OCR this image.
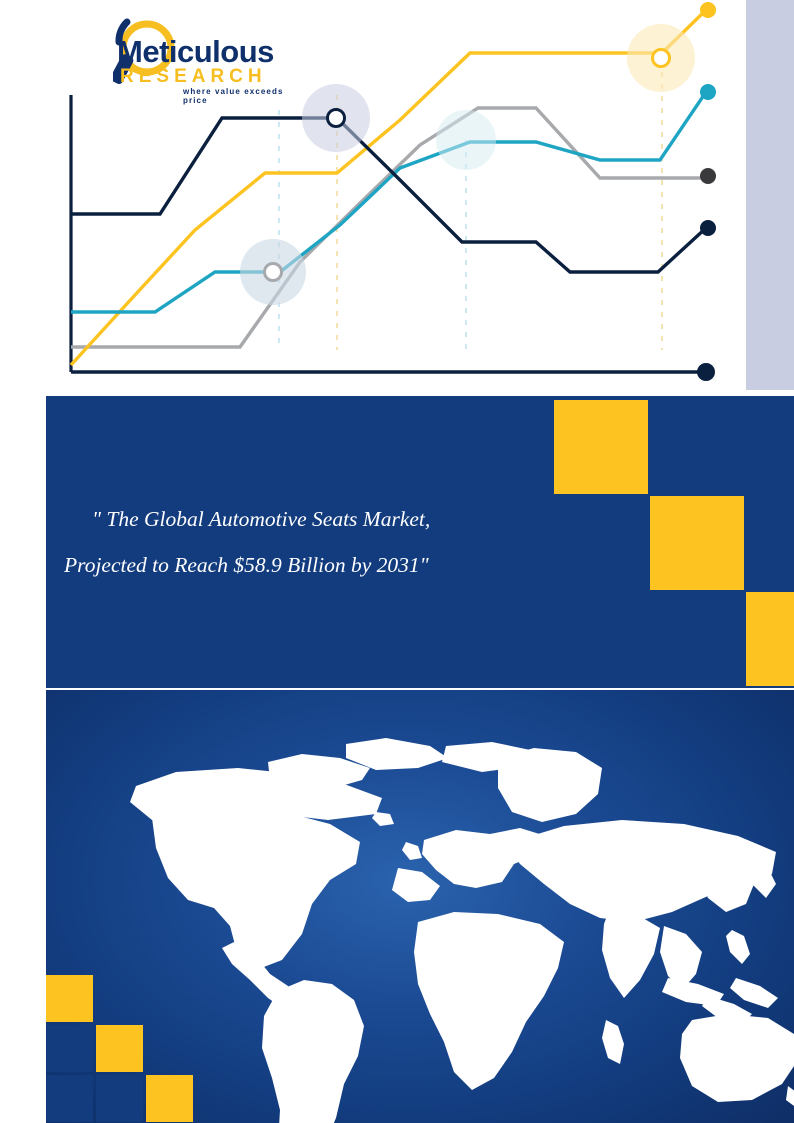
Meticulous
RESEARCH
where value exceeds price
" The Global Automotive Seats Market,
Projected to Reach $58.9 Billion by 2031"
